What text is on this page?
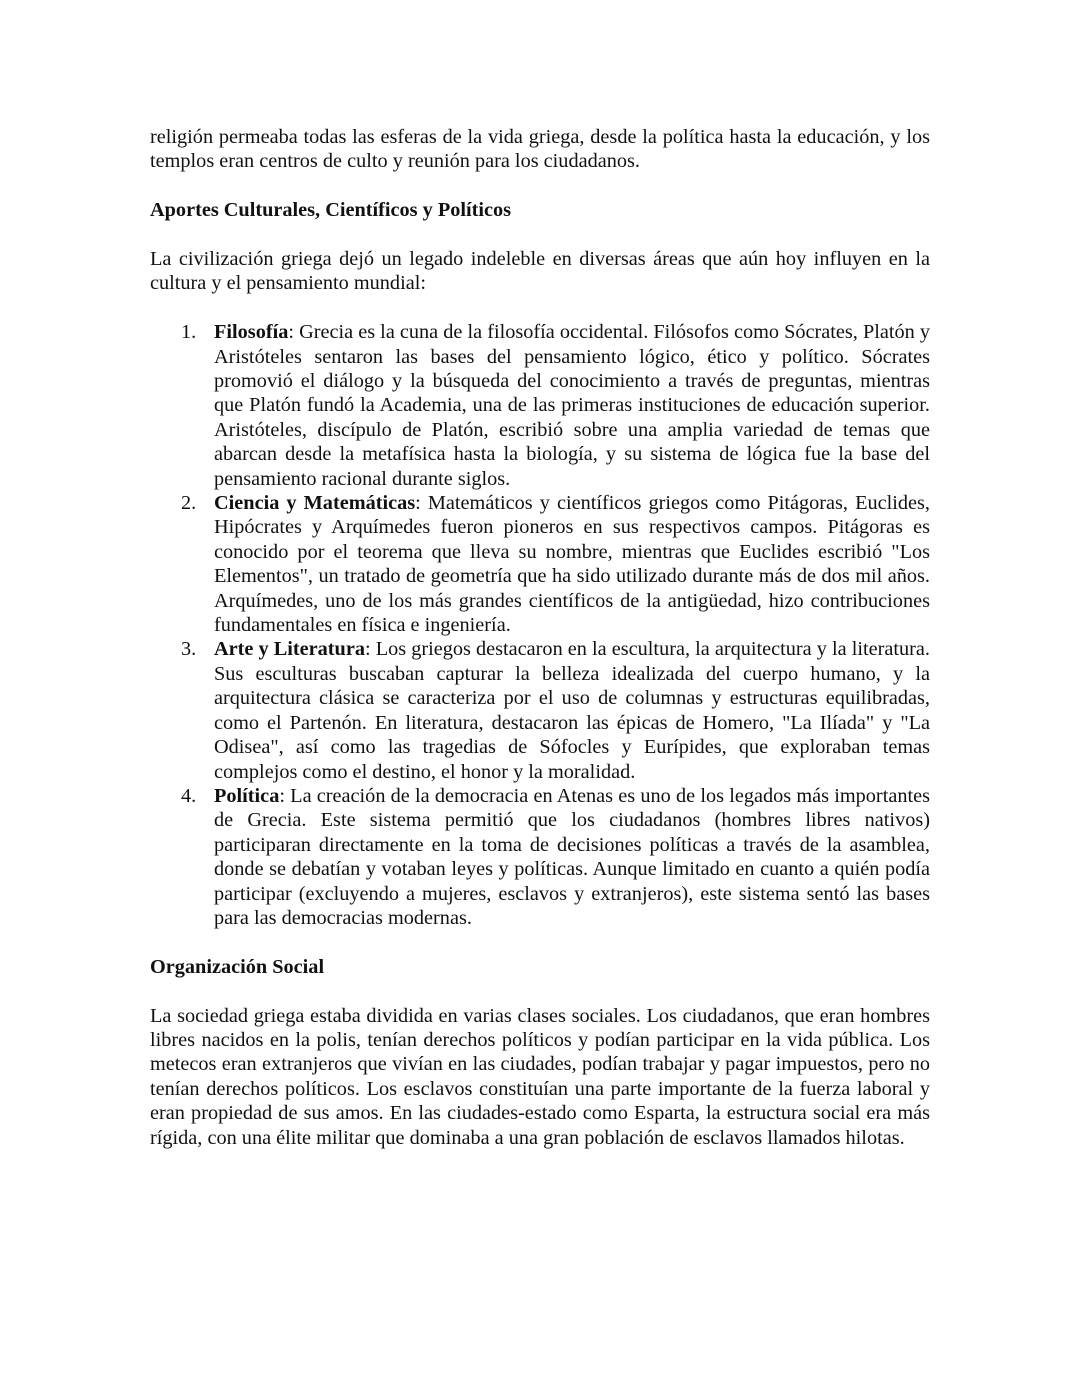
religión permeaba todas las esferas de la vida griega, desde la política hasta la educación, y los templos eran centros de culto y reunión para los ciudadanos.

Aportes Culturales, Científicos y Políticos

La civilización griega dejó un legado indeleble en diversas áreas que aún hoy influyen en la cultura y el pensamiento mundial:

1. Filosofía: Grecia es la cuna de la filosofía occidental. Filósofos como Sócrates, Platón y Aristóteles sentaron las bases del pensamiento lógico, ético y político. Sócrates promovió el diálogo y la búsqueda del conocimiento a través de preguntas, mientras que Platón fundó la Academia, una de las primeras instituciones de educación superior. Aristóteles, discípulo de Platón, escribió sobre una amplia variedad de temas que abarcan desde la metafísica hasta la biología, y su sistema de lógica fue la base del pensamiento racional durante siglos.
2. Ciencia y Matemáticas: Matemáticos y científicos griegos como Pitágoras, Euclides, Hipócrates y Arquímedes fueron pioneros en sus respectivos campos. Pitágoras es conocido por el teorema que lleva su nombre, mientras que Euclides escribió "Los Elementos", un tratado de geometría que ha sido utilizado durante más de dos mil años. Arquímedes, uno de los más grandes científicos de la antigüedad, hizo contribuciones fundamentales en física e ingeniería.
3. Arte y Literatura: Los griegos destacaron en la escultura, la arquitectura y la literatura. Sus esculturas buscaban capturar la belleza idealizada del cuerpo humano, y la arquitectura clásica se caracteriza por el uso de columnas y estructuras equilibradas, como el Partenón. En literatura, destacaron las épicas de Homero, "La Ilíada" y "La Odisea", así como las tragedias de Sófocles y Eurípides, que exploraban temas complejos como el destino, el honor y la moralidad.
4. Política: La creación de la democracia en Atenas es uno de los legados más importantes de Grecia. Este sistema permitió que los ciudadanos (hombres libres nativos) participaran directamente en la toma de decisiones políticas a través de la asamblea, donde se debatían y votaban leyes y políticas. Aunque limitado en cuanto a quién podía participar (excluyendo a mujeres, esclavos y extranjeros), este sistema sentó las bases para las democracias modernas.
Organización Social

La sociedad griega estaba dividida en varias clases sociales. Los ciudadanos, que eran hombres libres nacidos en la polis, tenían derechos políticos y podían participar en la vida pública. Los metecos eran extranjeros que vivían en las ciudades, podían trabajar y pagar impuestos, pero no tenían derechos políticos. Los esclavos constituían una parte importante de la fuerza laboral y eran propiedad de sus amos. En las ciudades-estado como Esparta, la estructura social era más rígida, con una élite militar que dominaba a una gran población de esclavos llamados hilotas.
